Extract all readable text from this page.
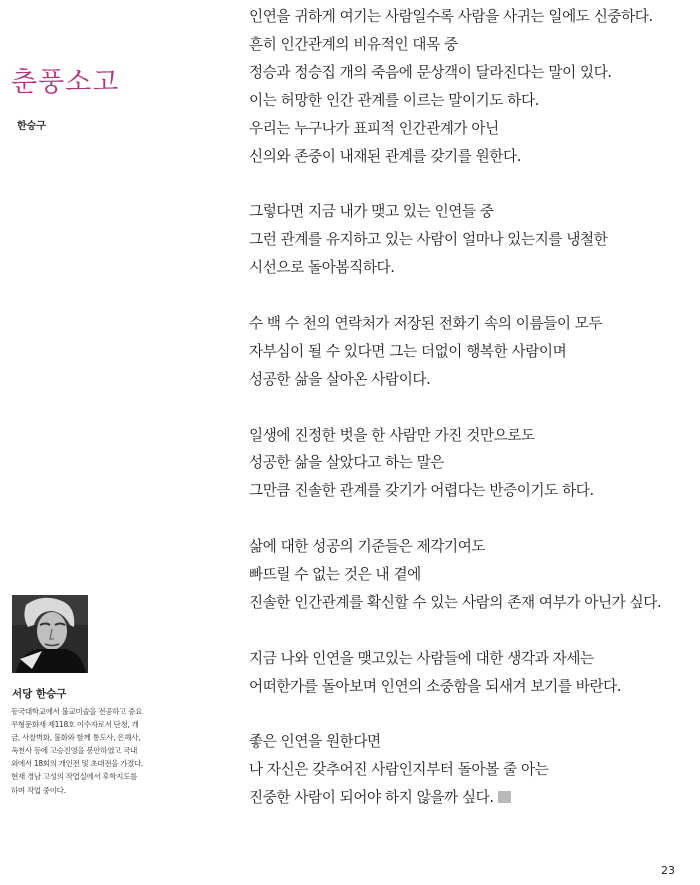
춘풍소고

한승구

서당 한승구

동국대학교에서 불교미술을 전공하고 중요
무형문화재 제118호 이수자로서 단청, 개
금, 사찰벽화, 불화와 함께 통도사, 은해사,
옥천사 등에 고승진영을 봉안하였고 국내
외에서 18회의 개인전 및 초대전을 가졌다.
현재 경남 고성의 작업실에서 후학지도를
하며 작업 중이다.

인연을 귀하게 여기는 사람일수록 사람을 사귀는 일에도 신중하다.
흔히 인간관계의 비유적인 대목 중
정승과 정승집 개의 죽음에 문상객이 달라진다는 말이 있다.
이는 허망한 인간 관계를 이르는 말이기도 하다.
우리는 누구나가 표피적 인간관계가 아닌
신의와 존중이 내재된 관계를 갖기를 원한다.

그렇다면 지금 내가 맺고 있는 인연들 중
그런 관계를 유지하고 있는 사람이 얼마나 있는지를 냉철한
시선으로 돌아봄직하다.

수 백 수 천의 연락처가 저장된 전화기 속의 이름들이 모두
자부심이 될 수 있다면 그는 더없이 행복한 사람이며
성공한 삶을 살아온 사람이다.

일생에 진정한 벗을 한 사람만 가진 것만으로도
성공한 삶을 살았다고 하는 말은
그만큼 진솔한 관계를 갖기가 어렵다는 반증이기도 하다.

삶에 대한 성공의 기준들은 제각기여도
빠뜨릴 수 없는 것은 내 곁에
진솔한 인간관계를 확신할 수 있는 사람의 존재 여부가 아닌가 싶다.

지금 나와 인연을 맺고있는 사람들에 대한 생각과 자세는
어떠한가를 돌아보며 인연의 소중함을 되새겨 보기를 바란다.

좋은 인연을 원한다면
나 자신은 갖추어진 사람인지부터 돌아볼 줄 아는
진중한 사람이 되어야 하지 않을까 싶다.

23
